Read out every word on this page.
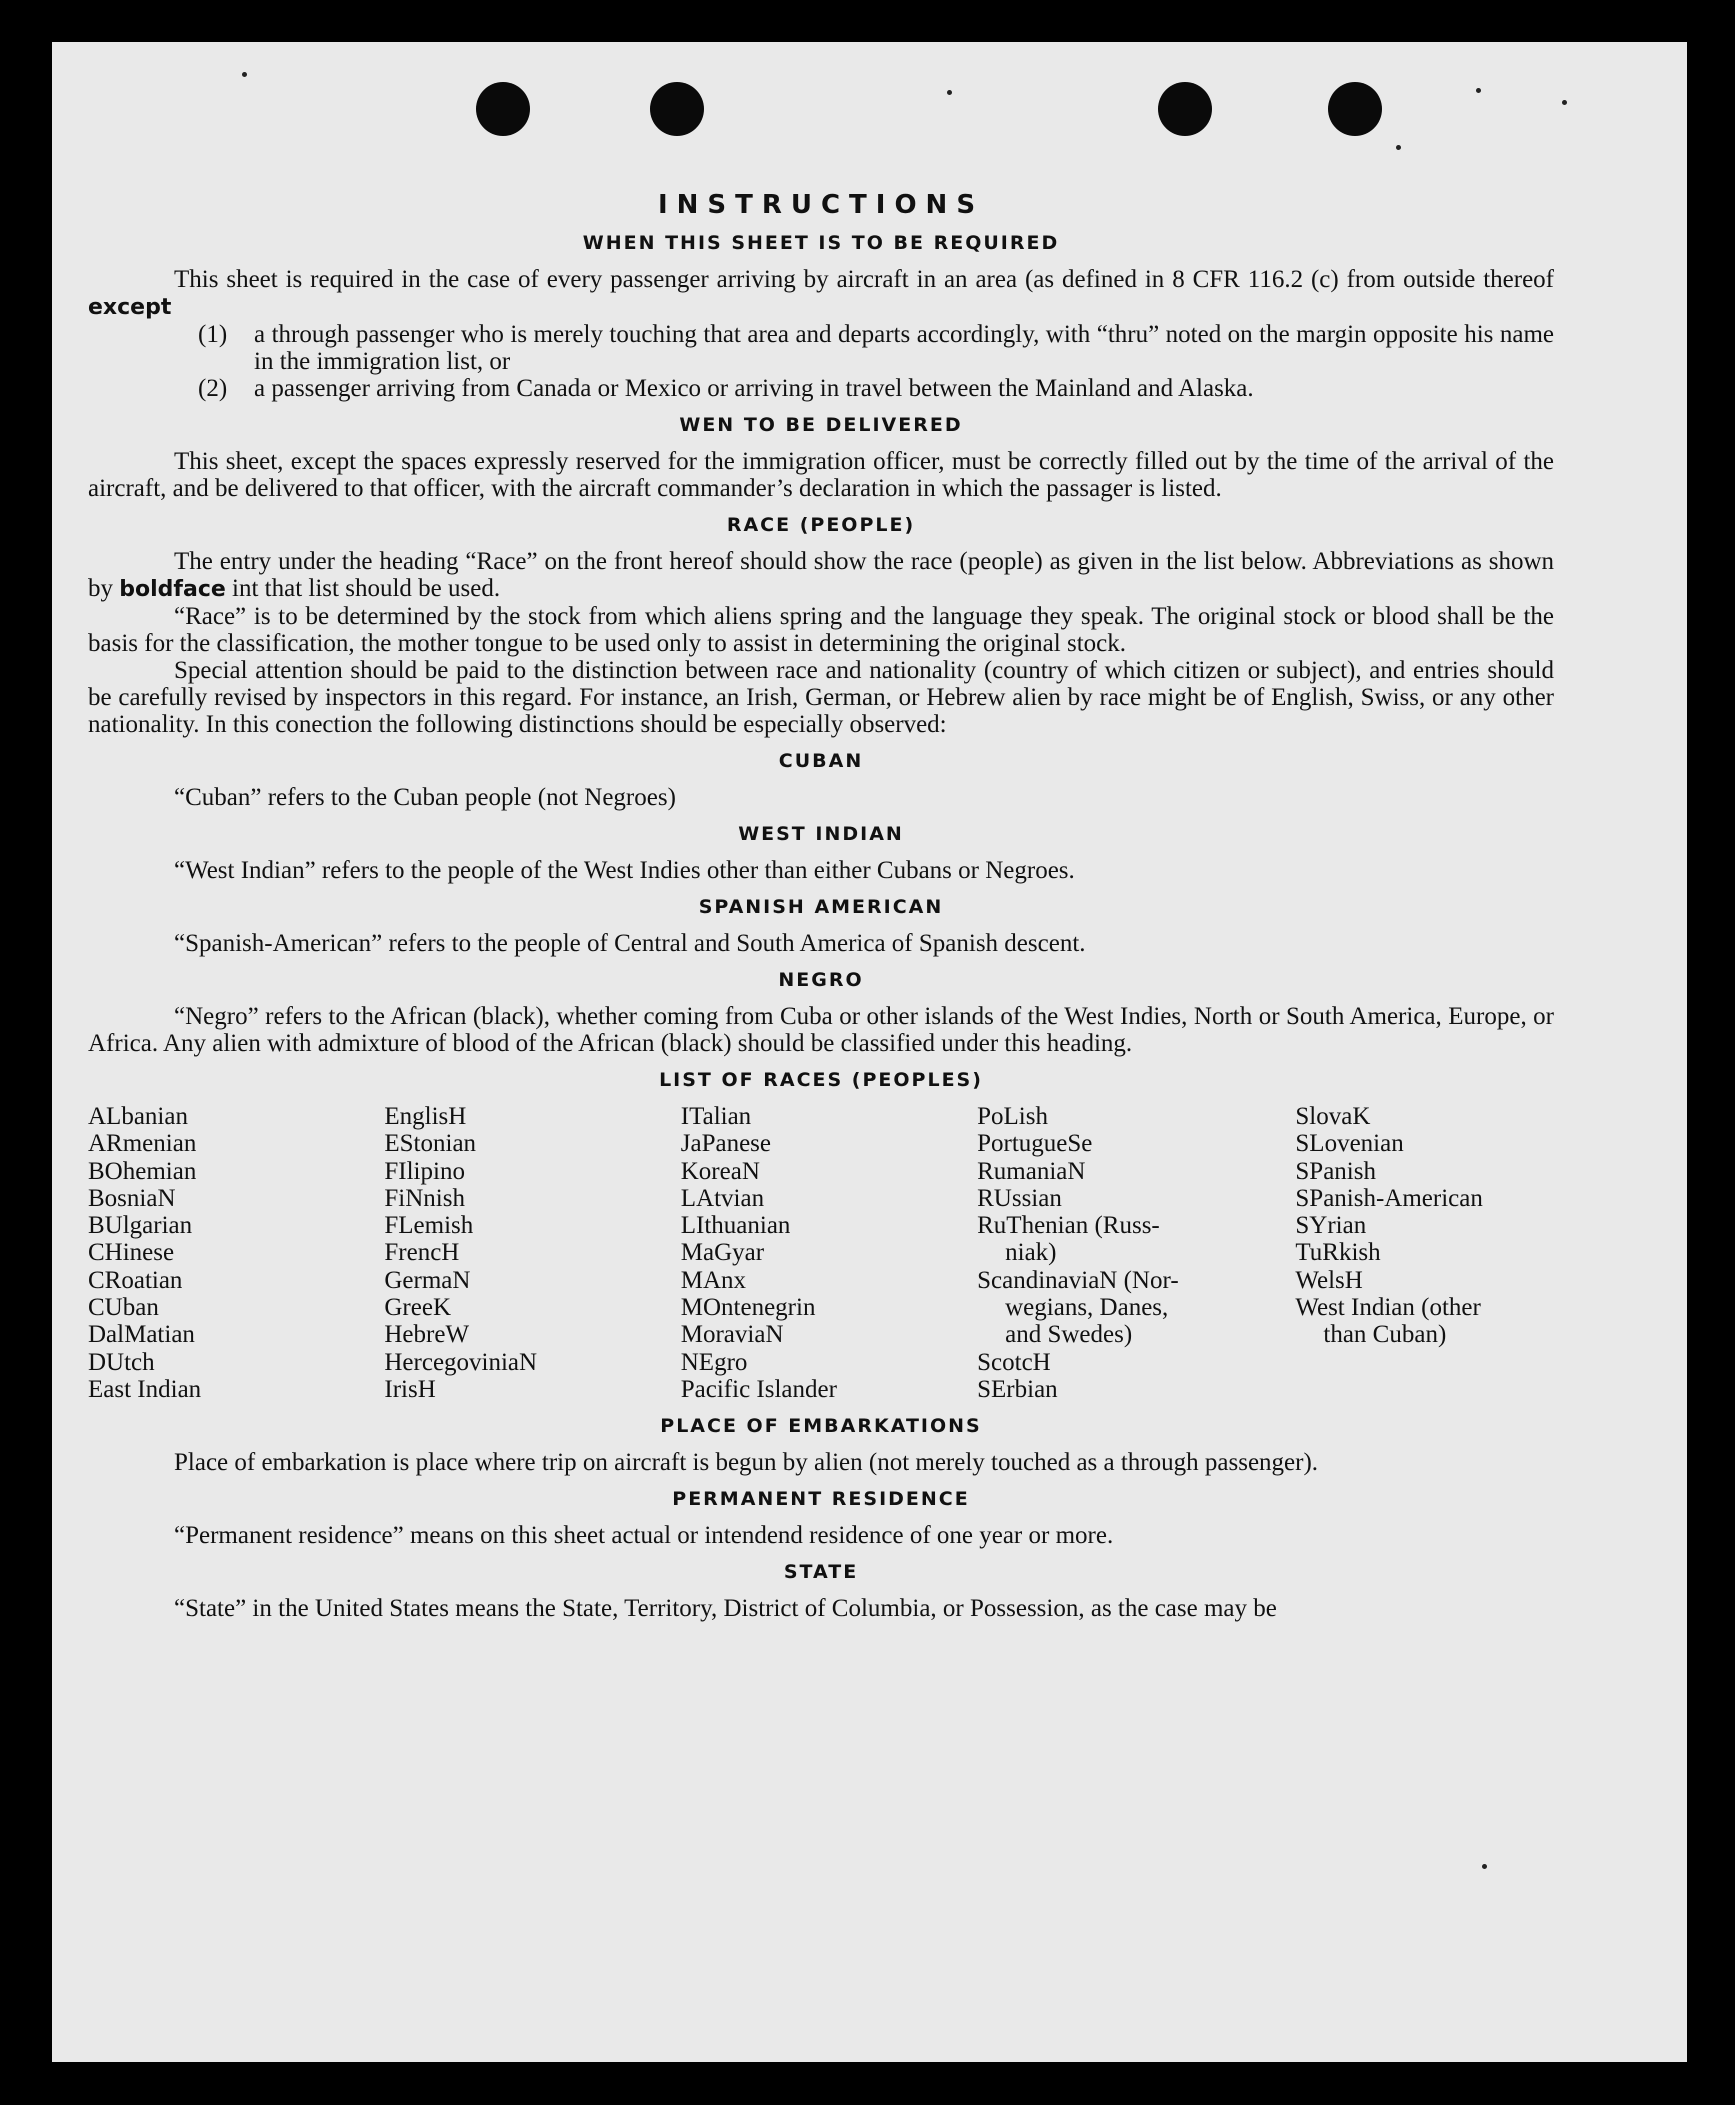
INSTRUCTIONS
WHEN THIS SHEET IS TO BE REQUIRED

This sheet is required in the case of every passenger arriving by aircraft in an area (as defined in 8 CFR 116.2 (c) from outside thereof except

(1)	a through passenger who is merely touching that area and departs accordingly, with “thru” noted on the margin opposite his name in the immigration list, or
(2)	a passenger arriving from Canada or Mexico or arriving in travel between the Mainland and Alaska.
WEN TO BE DELIVERED

This sheet, except the spaces expressly reserved for the immigration officer, must be correctly filled out by the time of the arrival of the aircraft, and be delivered to that officer, with the aircraft commander’s declaration in which the passager is listed.

RACE (PEOPLE)

The entry under the heading “Race” on the front hereof should show the race (people) as given in the list below. Abbreviations as shown by boldface int that list should be used.

“Race” is to be determined by the stock from which aliens spring and the language they speak. The original stock or blood shall be the basis for the classification, the mother tongue to be used only to assist in determining the original stock.

Special attention should be paid to the distinction between race and nationality (country of which citizen or subject), and entries should be carefully revised by inspectors in this regard. For instance, an Irish, German, or Hebrew alien by race might be of English, Swiss, or any other nationality. In this conection the following distinctions should be especially observed:

CUBAN

“Cuban” refers to the Cuban people (not Negroes)

WEST INDIAN

“West Indian” refers to the people of the West Indies other than either Cubans or Negroes.

SPANISH AMERICAN

“Spanish-American” refers to the people of Central and South America of Spanish descent.

NEGRO

“Negro” refers to the African (black), whether coming from Cuba or other islands of the West Indies, North or South America, Europe, or Africa. Any alien with admixture of blood of the African (black) should be classified under this heading.

LIST OF RACES (PEOPLES)
ALbanian
ARmenian
BOhemian
BosniaN
BUlgarian
CHinese
CRoatian
CUban
DalMatian
DUtch
East Indian
EnglisH
EStonian
FIlipino
FiNnish
FLemish
FrencH
GermaN
GreeK
HebreW
HercegoviniaN
IrisH
ITalian
JaPanese
KoreaN
LAtvian
LIthuanian
MaGyar
MAnx
MOntenegrin
MoraviaN
NEgro
Pacific Islander
PoLish
PortugueSe
RumaniaN
RUssian
RuThenian (Russ-
niak)
ScandinaviaN (Nor-
wegians, Danes,
and Swedes)
ScotcH
SErbian
SlovaK
SLovenian
SPanish
SPanish-American
SYrian
TuRkish
WelsH
West Indian (other
than Cuban)
PLACE OF EMBARKATIONS

Place of embarkation is place where trip on aircraft is begun by alien (not merely touched as a through passenger).

PERMANENT RESIDENCE

“Permanent residence” means on this sheet actual or intendend residence of one year or more.

STATE

“State” in the United States means the State, Territory, District of Columbia, or Possession, as the case may be
